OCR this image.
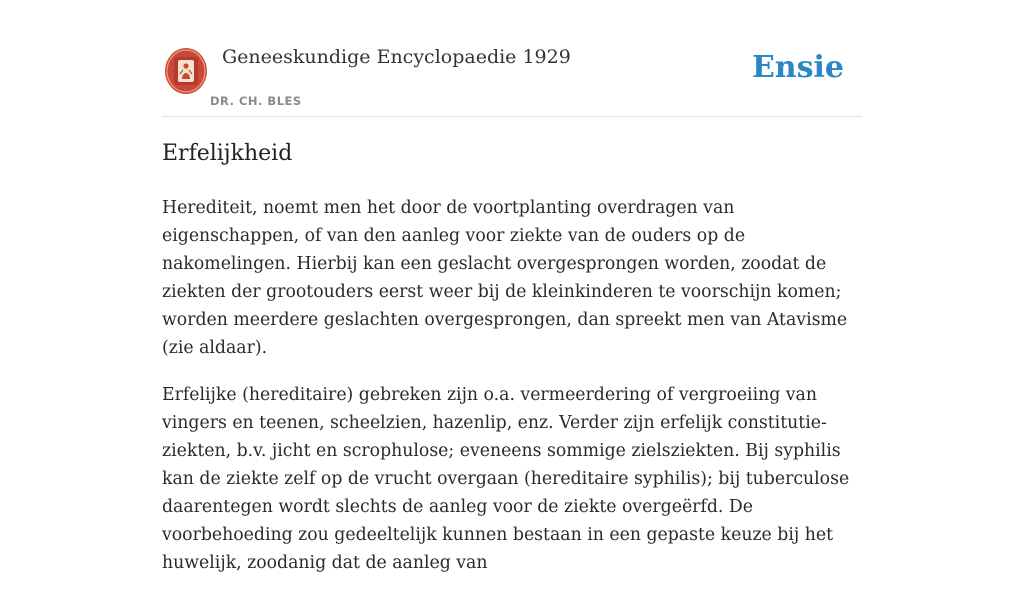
Geneeskundige Encyclopaedie 1929
DR. CH. BLES
Ensie
Erfelijkheid

Herediteit, noemt men het door de voortplanting overdragen van eigenschappen, of van den aanleg voor ziekte van de ouders op de nakomelingen. Hierbij kan een geslacht overgesprongen worden, zoodat de ziekten der grootouders eerst weer bij de kleinkinderen te voorschijn komen; worden meerdere geslachten overgesprongen, dan spreekt men van Atavisme (zie aldaar).

Erfelijke (hereditaire) gebreken zijn o.a. vermeerdering of vergroeiing van vingers en teenen, scheelzien, hazenlip, enz. Verder zijn erfelijk constitutie-ziekten, b.v. jicht en scrophulose; eveneens sommige zielsziekten. Bij syphilis kan de ziekte zelf op de vrucht overgaan (hereditaire syphilis); bij tuberculose daarentegen wordt slechts de aanleg voor de ziekte overgeërfd. De voorbehoeding zou gedeeltelijk kunnen bestaan in een gepaste keuze bij het huwelijk, zoodanig dat de aanleg van
